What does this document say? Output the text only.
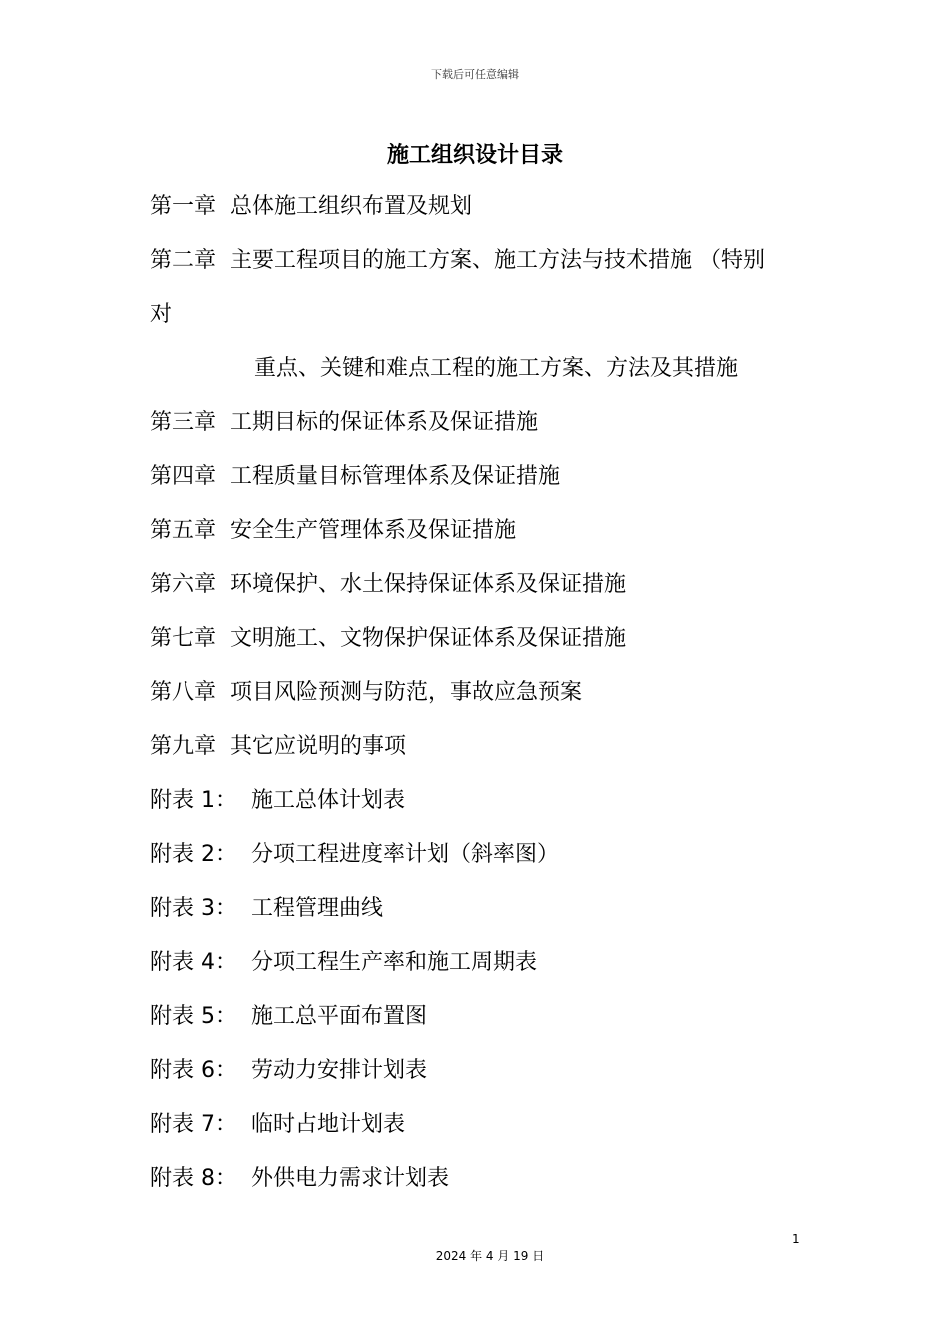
下载后可任意编辑
施工组织设计目录
第一章 总体施工组织布置及规划
第二章 主要工程项目的施工方案、施工方法与技术措施 （特别
对
重点、关键和难点工程的施工方案、方法及其措施
第三章 工期目标的保证体系及保证措施
第四章 工程质量目标管理体系及保证措施
第五章 安全生产管理体系及保证措施
第六章 环境保护、水土保持保证体系及保证措施
第七章 文明施工、文物保护保证体系及保证措施
第八章 项目风险预测与防范，事故应急预案
第九章 其它应说明的事项
附表 1： 施工总体计划表
附表 2： 分项工程进度率计划（斜率图）
附表 3： 工程管理曲线
附表 4： 分项工程生产率和施工周期表
附表 5： 施工总平面布置图
附表 6： 劳动力安排计划表
附表 7： 临时占地计划表
附表 8： 外供电力需求计划表
1
2024 年 4 月 19 日
